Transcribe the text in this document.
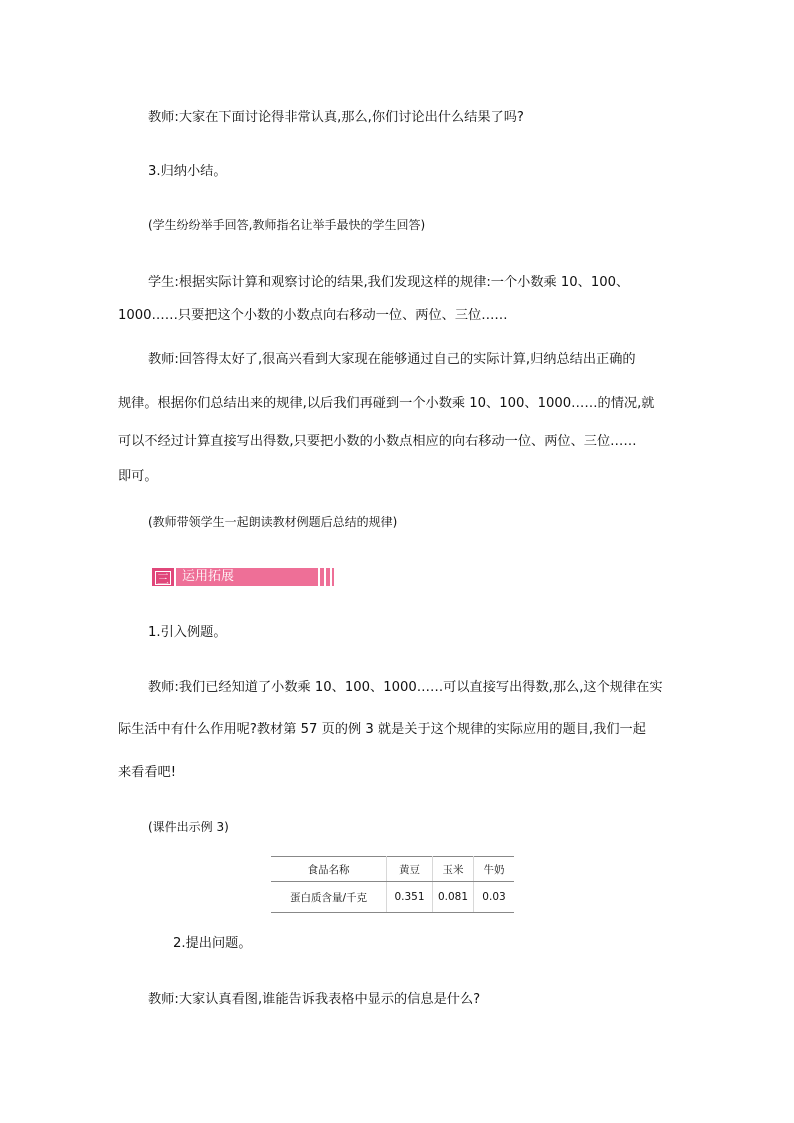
教师:大家在下面讨论得非常认真,那么,你们讨论出什么结果了吗?
3.归纳小结。
(学生纷纷举手回答,教师指名让举手最快的学生回答)
学生:根据实际计算和观察讨论的结果,我们发现这样的规律:一个小数乘 10、100、
1000……只要把这个小数的小数点向右移动一位、两位、三位……
教师:回答得太好了,很高兴看到大家现在能够通过自己的实际计算,归纳总结出正确的
规律。根据你们总结出来的规律,以后我们再碰到一个小数乘 10、100、1000……的情况,就
可以不经过计算直接写出得数,只要把小数的小数点相应的向右移动一位、两位、三位……
即可。
(教师带领学生一起朗读教材例题后总结的规律)
三	运用拓展
1.引入例题。
教师:我们已经知道了小数乘 10、100、1000……可以直接写出得数,那么,这个规律在实
际生活中有什么作用呢?教材第 57 页的例 3 就是关于这个规律的实际应用的题目,我们一起
来看看吧!
(课件出示例 3)
食品名称	黄豆	玉米	牛奶
蛋白质含量/千克	0.351	0.081	0.03
2.提出问题。
教师:大家认真看图,谁能告诉我表格中显示的信息是什么?
